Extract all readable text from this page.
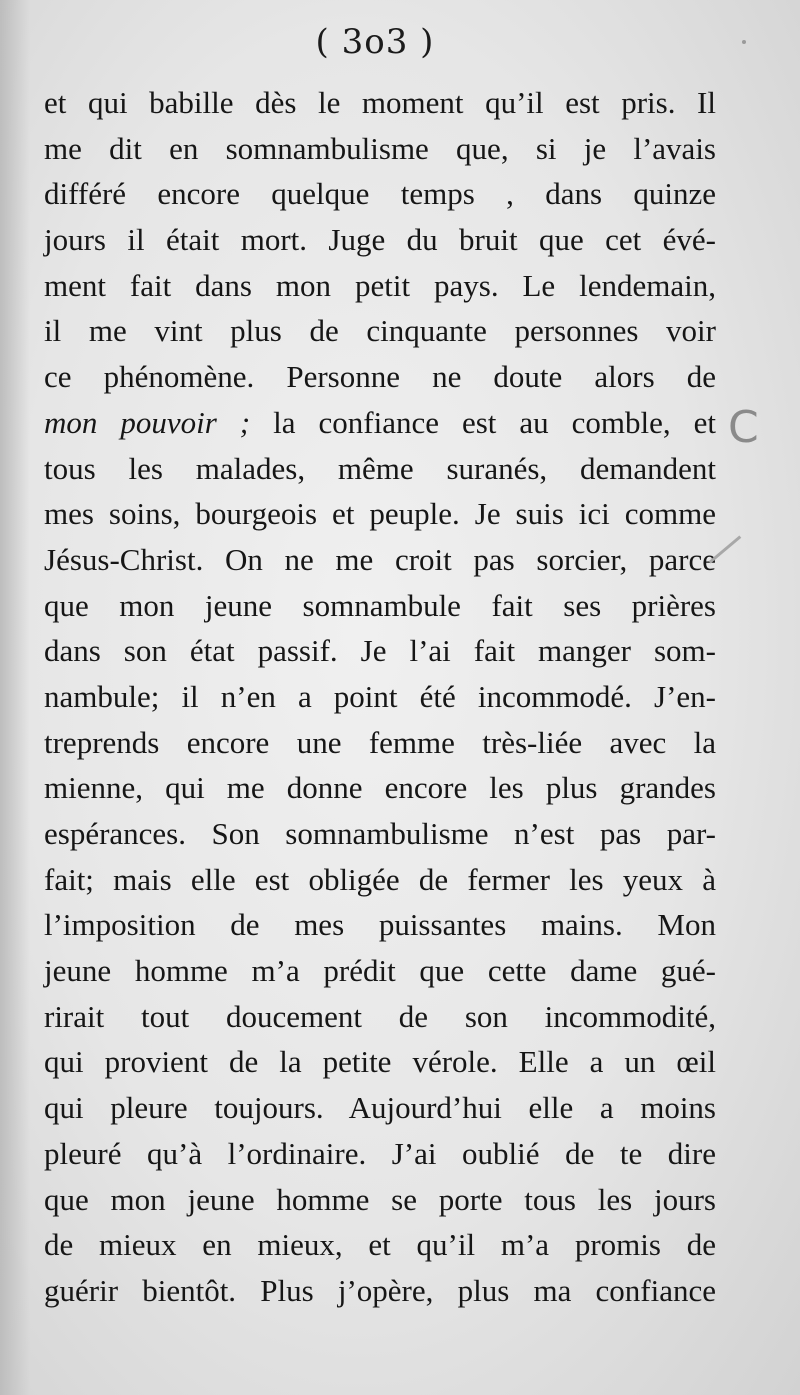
( 3o3 )
et qui babille dès le moment qu’il est pris. Il
me dit en somnambulisme que, si je l’avais
différé encore quelque temps , dans quinze
jours il était mort. Juge du bruit que cet évé-
ment fait dans mon petit pays. Le lendemain,
il me vint plus de cinquante personnes voir
ce phénomène. Personne ne doute alors de
mon pouvoir ; la confiance est au comble, et
tous les malades, même suranés, demandent
mes soins, bourgeois et peuple. Je suis ici comme
Jésus-Christ. On ne me croit pas sorcier, parce
que mon jeune somnambule fait ses prières
dans son état passif. Je l’ai fait manger som-
nambule; il n’en a point été incommodé. J’en-
treprends encore une femme très-liée avec la
mienne, qui me donne encore les plus grandes
espérances. Son somnambulisme n’est pas par-
fait; mais elle est obligée de fermer les yeux à
l’imposition de mes puissantes mains. Mon
jeune homme m’a prédit que cette dame gué-
rirait tout doucement de son incommodité,
qui provient de la petite vérole. Elle a un œil
qui pleure toujours. Aujourd’hui elle a moins
pleuré qu’à l’ordinaire. J’ai oublié de te dire
que mon jeune homme se porte tous les jours
de mieux en mieux, et qu’il m’a promis de
guérir bientôt. Plus j’opère, plus ma confiance
C
